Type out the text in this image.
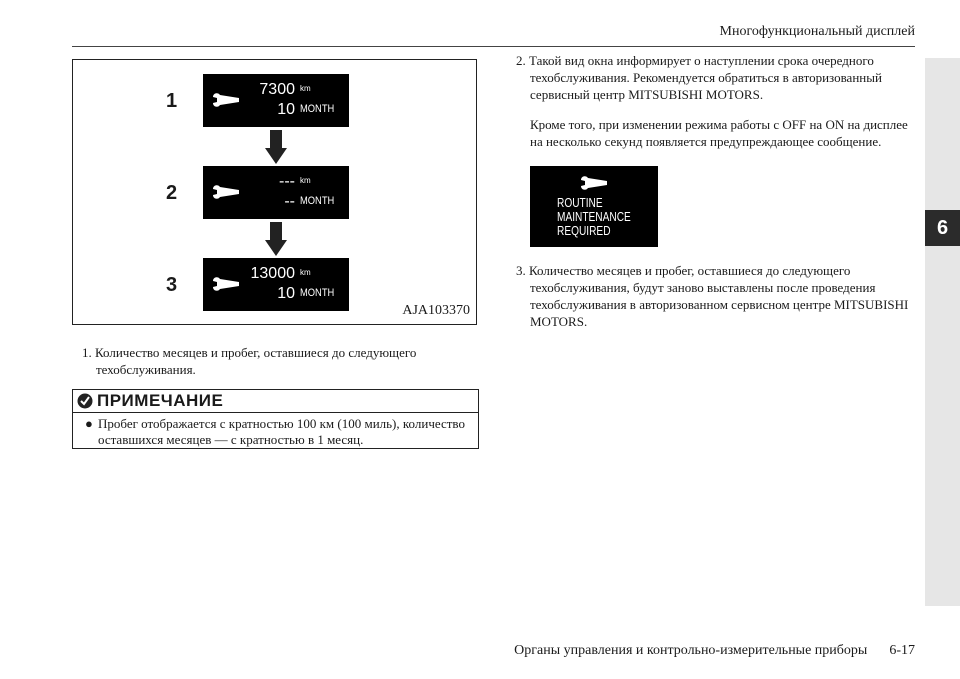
Многофункциональный дисплей
6
1
7300
10
km
MONTH
2
---
--
km
MONTH
3
13000
10
km
MONTH
AJA103370

1. Количество месяцев и пробег, оставшиеся до следующего техобслуживания.

ПРИМЕЧАНИЕ
● Пробег отображается с кратностью 100 км (100 миль), количество оставшихся месяцев — с кратностью в 1 месяц.

2. Такой вид окна информирует о наступлении срока очередного техобслуживания. Рекомендуется обратиться в авторизованный сервисный центр MITSUBISHI MOTORS.

Кроме того, при изменении режима работы с OFF на ON на дисплее на несколько секунд появляется предупреждающее сообщение.
ROUTINE
MAINTENANCE
REQUIRED

3. Количество месяцев и пробег, оставшиеся до следующего техобслуживания, будут заново выставлены после проведения техобслуживания в авторизованном сервисном центре MITSUBISHI MOTORS.

Органы управления и контрольно-измерительные приборы 6-17
